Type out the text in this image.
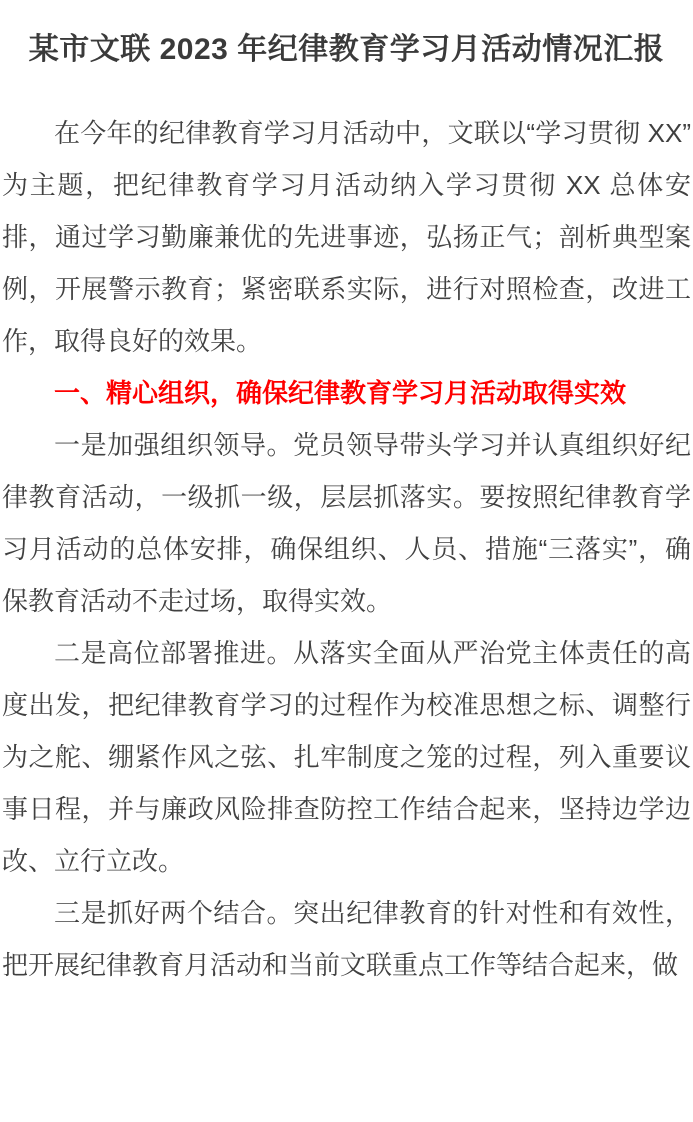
某市文联 2023 年纪律教育学习月活动情况汇报

在今年的纪律教育学习月活动中，文联以“学习贯彻 XX”为主题，把纪律教育学习月活动纳入学习贯彻 XX 总体安排，通过学习勤廉兼优的先进事迹，弘扬正气；剖析典型案例，开展警示教育；紧密联系实际，进行对照检查，改进工作，取得良好的效果。

一、精心组织，确保纪律教育学习月活动取得实效

一是加强组织领导。党员领导带头学习并认真组织好纪律教育活动，一级抓一级，层层抓落实。要按照纪律教育学习月活动的总体安排，确保组织、人员、措施“三落实”，确保教育活动不走过场，取得实效。

二是高位部署推进。从落实全面从严治党主体责任的高度出发，把纪律教育学习的过程作为校准思想之标、调整行为之舵、绷紧作风之弦、扎牢制度之笼的过程，列入重要议事日程，并与廉政风险排查防控工作结合起来，坚持边学边改、立行立改。

三是抓好两个结合。突出纪律教育的针对性和有效性，把开展纪律教育月活动和当前文联重点工作等结合起来，做
